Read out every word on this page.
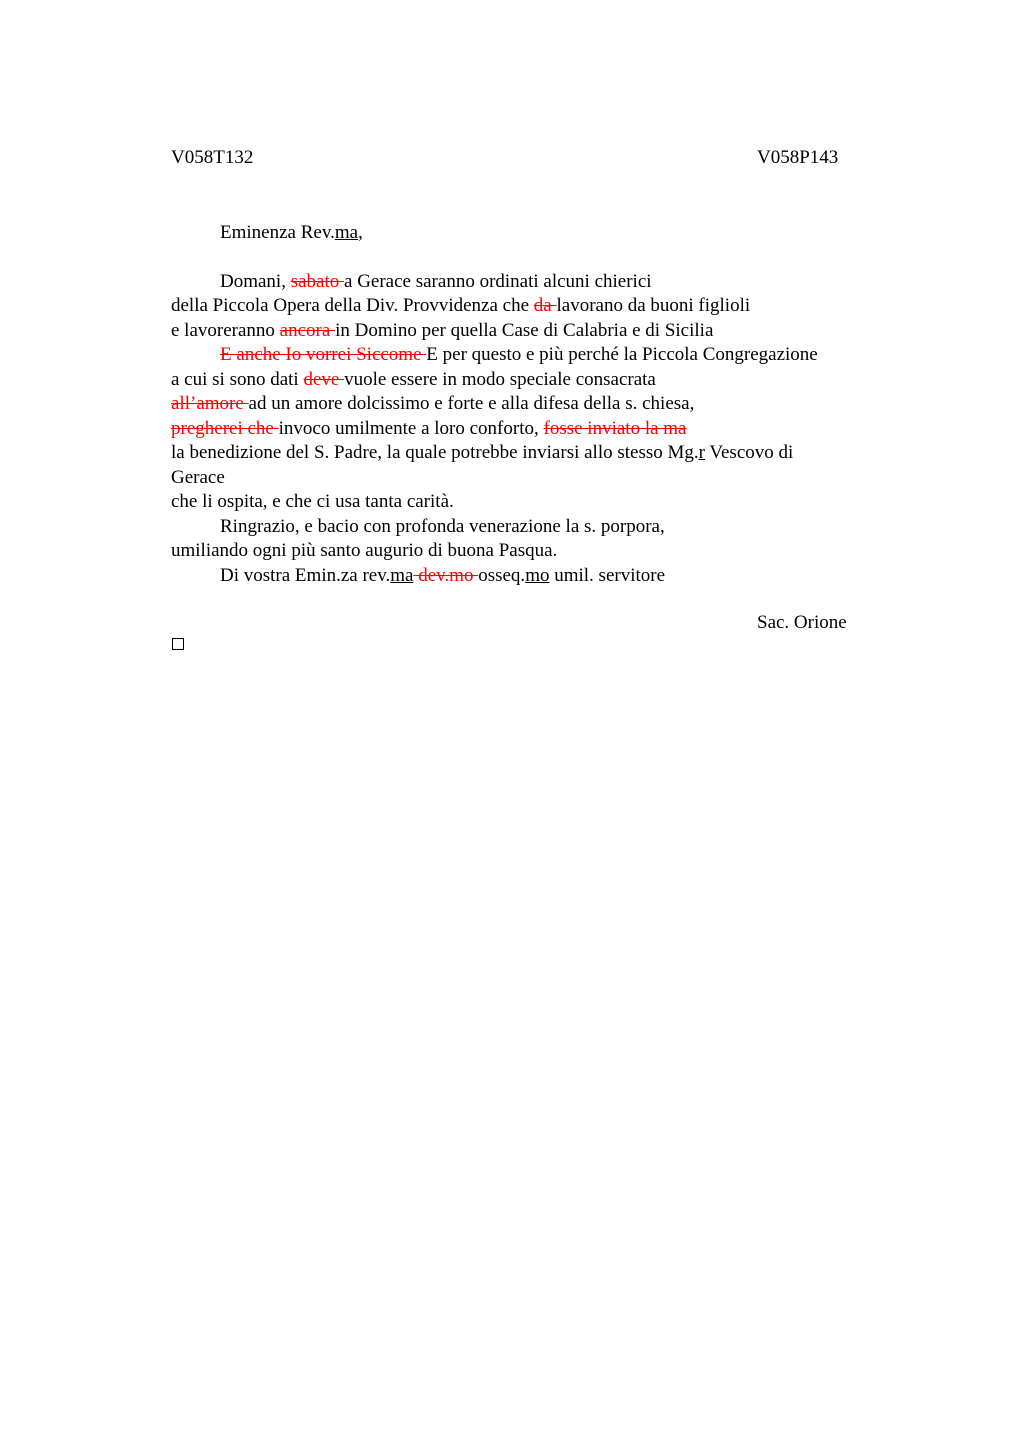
V058T132	V058P143
Eminenza Rev.ma,
Domani, sabato a Gerace saranno ordinati alcuni chierici
della Piccola Opera della Div. Provvidenza che da lavorano da buoni figlioli
e lavoreranno ancora in Domino per quella Case di Calabria e di Sicilia
E anche Io vorrei Siccome E per questo e più perché la Piccola Congregazione
a cui si sono dati deve vuole essere in modo speciale consacrata
all’amore ad un amore dolcissimo e forte e alla difesa della s. chiesa,
pregherei che invoco umilmente a loro conforto, fosse inviato la ma
la benedizione del S. Padre, la quale potrebbe inviarsi allo stesso Mg.r Vescovo di
Gerace
che li ospita, e che ci usa tanta carità.
Ringrazio, e bacio con profonda venerazione la s. porpora,
umiliando ogni più santo augurio di buona Pasqua.
Di vostra Emin.za rev.ma dev.mo osseq.mo umil. servitore
Sac. Orione
